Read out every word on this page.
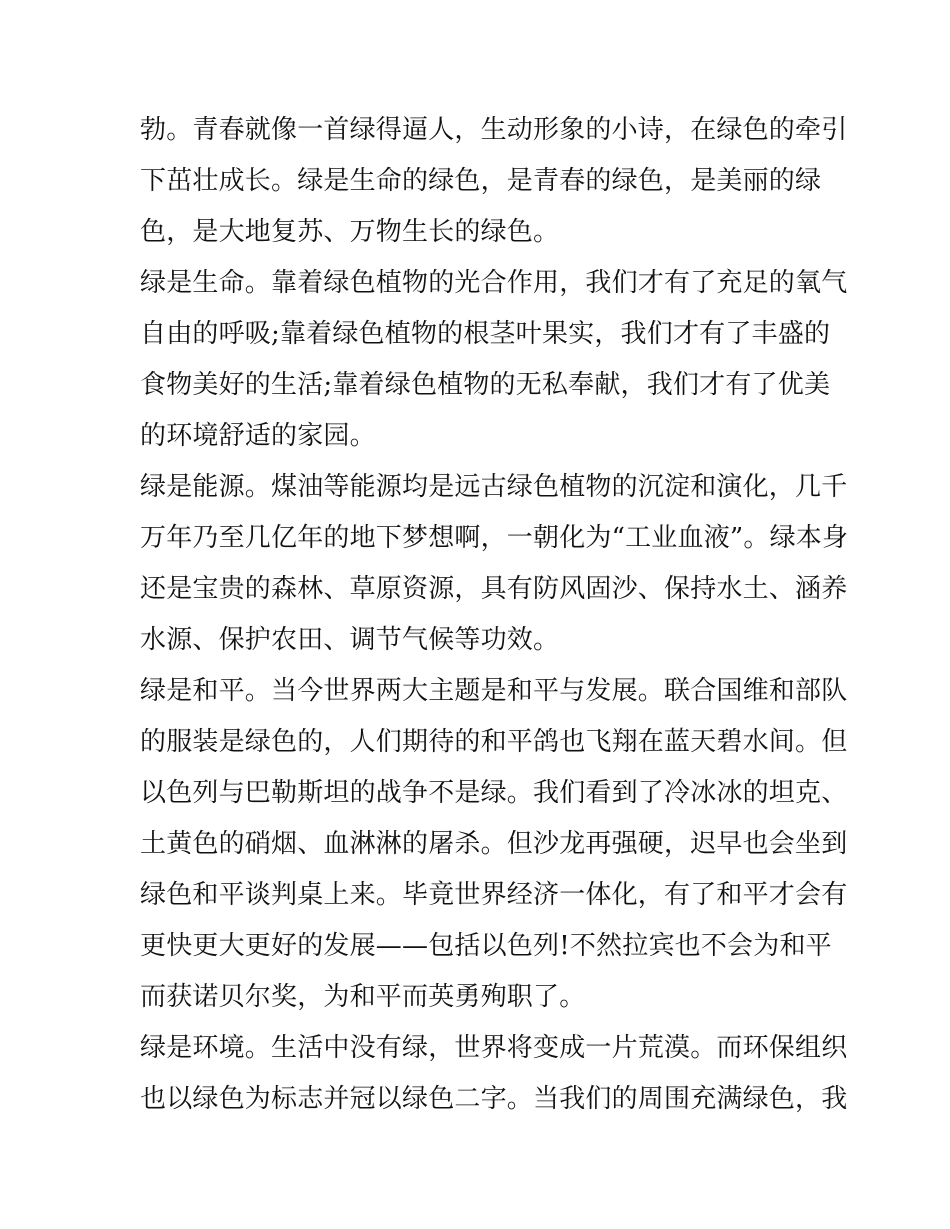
勃。青春就像一首绿得逼人，生动形象的小诗，在绿色的牵引
下茁壮成长。绿是生命的绿色，是青春的绿色，是美丽的绿
色，是大地复苏、万物生长的绿色。
绿是生命。靠着绿色植物的光合作用，我们才有了充足的氧气
自由的呼吸;靠着绿色植物的根茎叶果实，我们才有了丰盛的
食物美好的生活;靠着绿色植物的无私奉献，我们才有了优美
的环境舒适的家园。
绿是能源。煤油等能源均是远古绿色植物的沉淀和演化，几千
万年乃至几亿年的地下梦想啊，一朝化为“工业血液”。绿本身
还是宝贵的森林、草原资源，具有防风固沙、保持水土、涵养
水源、保护农田、调节气候等功效。
绿是和平。当今世界两大主题是和平与发展。联合国维和部队
的服装是绿色的，人们期待的和平鸽也飞翔在蓝天碧水间。但
以色列与巴勒斯坦的战争不是绿。我们看到了冷冰冰的坦克、
土黄色的硝烟、血淋淋的屠杀。但沙龙再强硬，迟早也会坐到
绿色和平谈判桌上来。毕竟世界经济一体化，有了和平才会有
更快更大更好的发展——包括以色列!不然拉宾也不会为和平
而获诺贝尔奖，为和平而英勇殉职了。
绿是环境。生活中没有绿，世界将变成一片荒漠。而环保组织
也以绿色为标志并冠以绿色二字。当我们的周围充满绿色，我
